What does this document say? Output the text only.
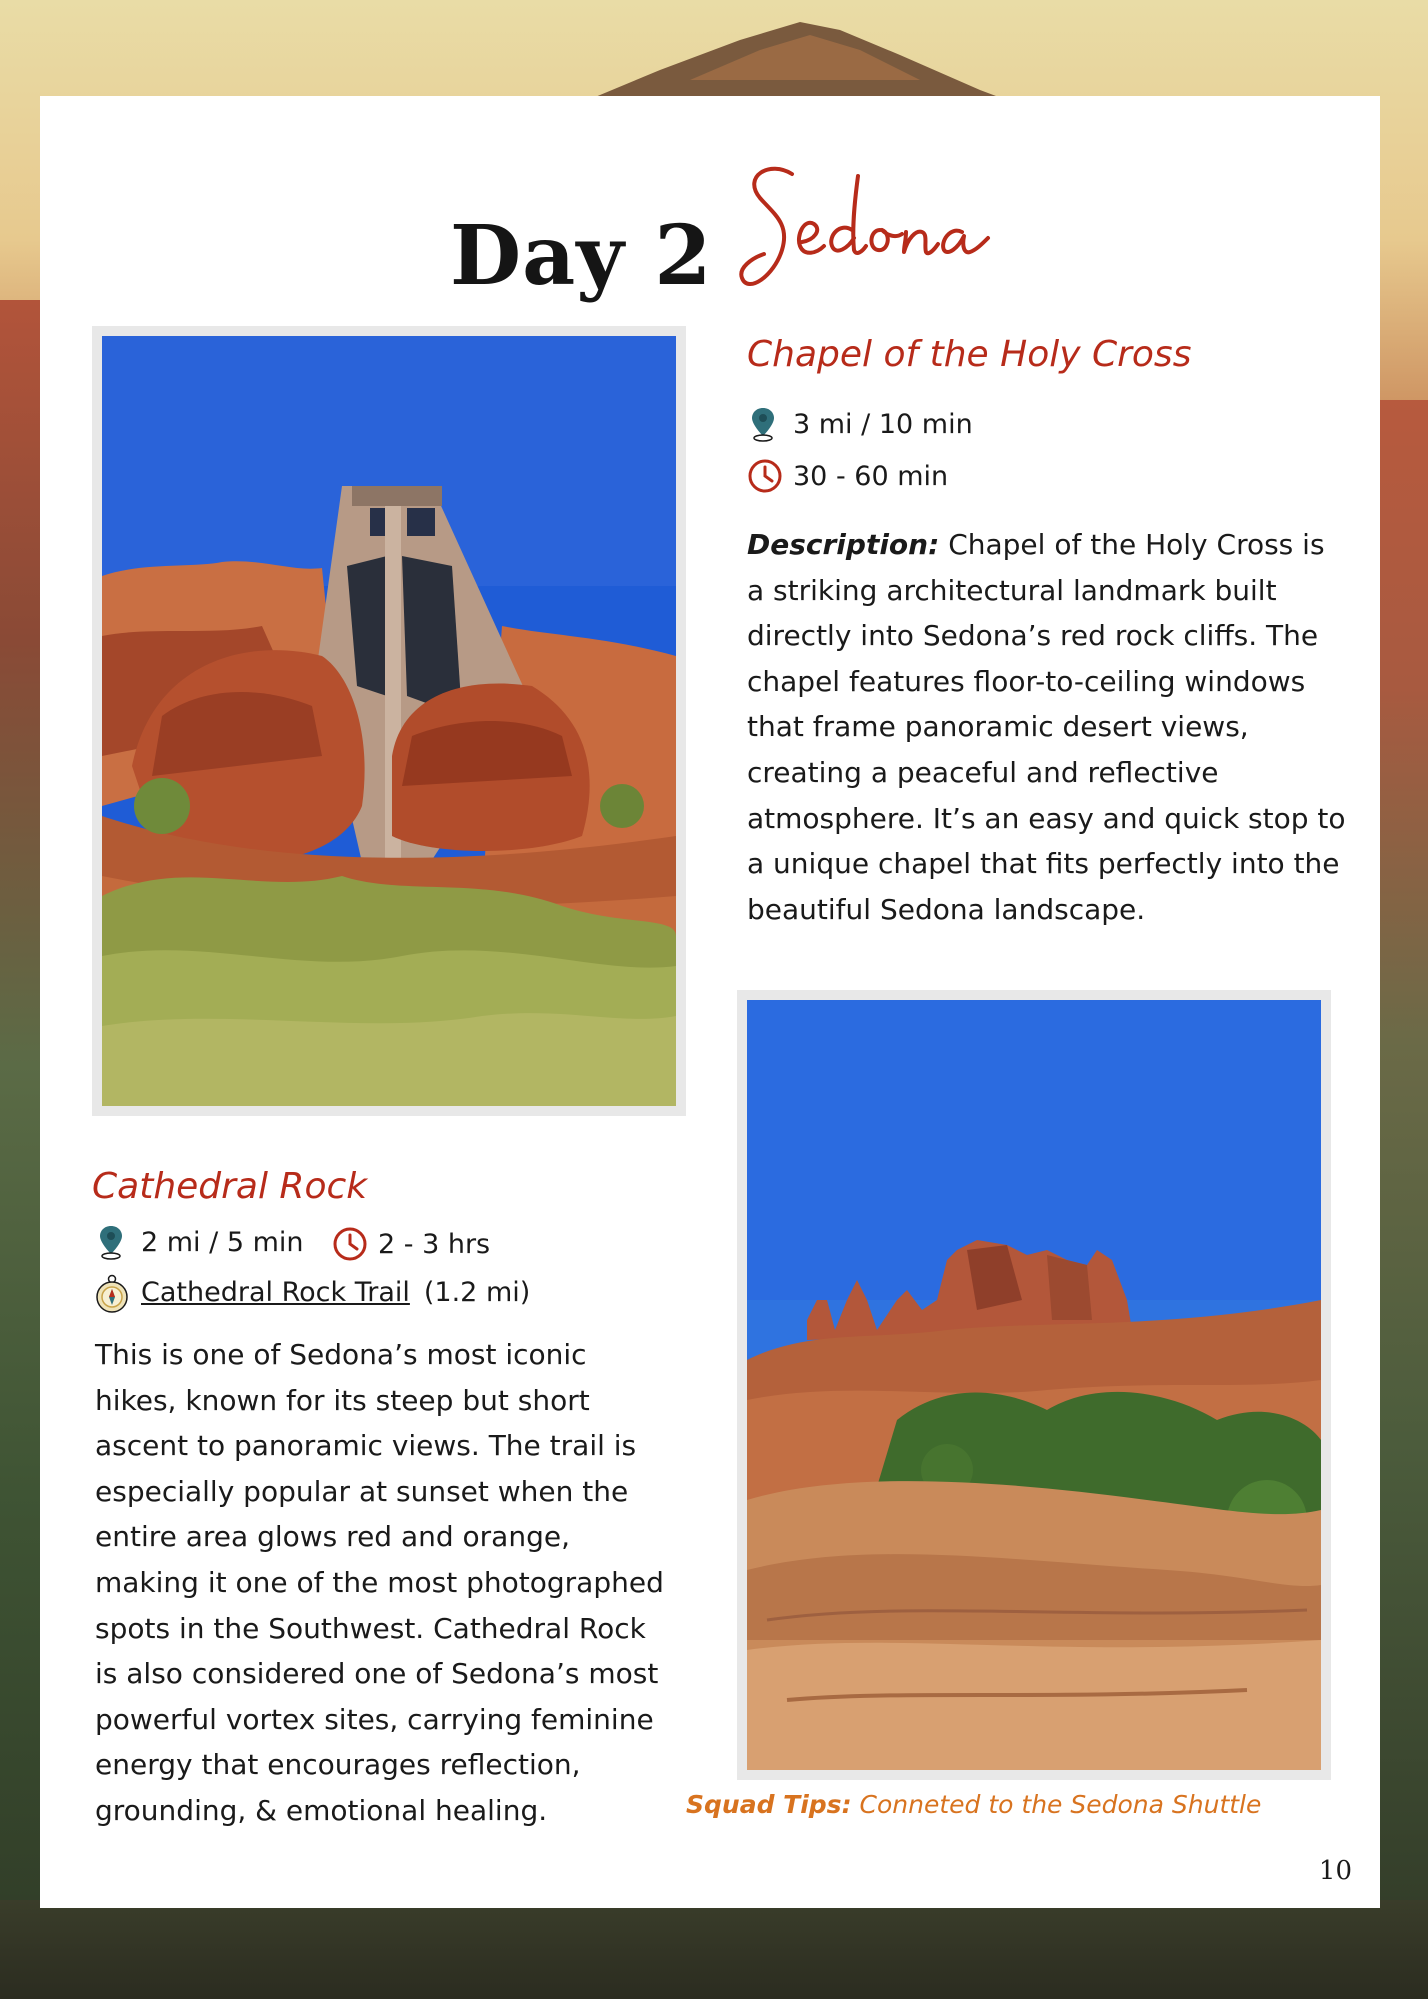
Day 2
Chapel of the Holy Cross
3 mi / 10 min
30 - 60 min
Description: Chapel of the Holy Cross is a striking architectural landmark built directly into Sedona’s red rock cliffs. The chapel features floor-to-ceiling windows that frame panoramic desert views, creating a peaceful and reflective atmosphere. It’s an easy and quick stop to a unique chapel that fits perfectly into the beautiful Sedona landscape.
Cathedral Rock
2 mi / 5 min	2 - 3 hrs
Cathedral Rock Trail (1.2 mi)
This is one of Sedona’s most iconic hikes, known for its steep but short ascent to panoramic views. The trail is especially popular at sunset when the entire area glows red and orange, making it one of the most photographed spots in the Southwest. Cathedral Rock is also considered one of Sedona’s most powerful vortex sites, carrying feminine energy that encourages reflection, grounding, & emotional healing.	Squad Tips: Conneted to the Sedona Shuttle
10
